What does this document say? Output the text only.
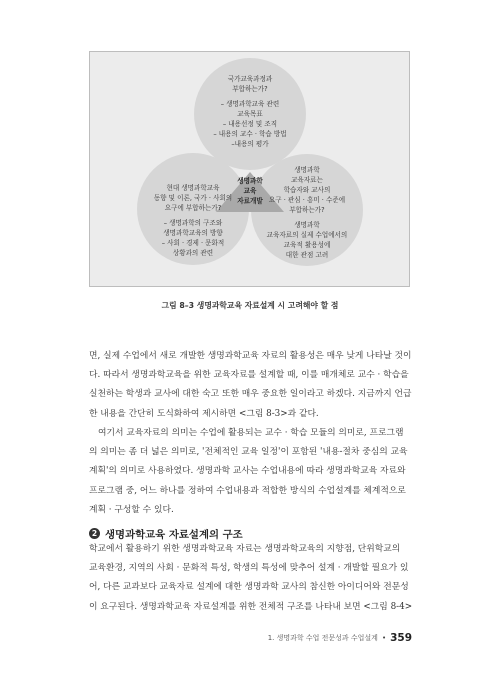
국가교육과정과
부합하는가?
– 생명과학교육 관련
교육목표
– 내용선정 및 조직
– 내용의 교수 · 학습 방법
–내용의 평가
생명과학
교육
자료개발
현대 생명과학교육
동향 및 이론, 국가 · 사회의
요구에 부합하는가?
– 생명과학의 구조와
생명과학교육의 방향
– 사회 · 경제 · 문화적
상황과의 관련
생명과학
교육자료는
학습자와 교사의
요구 · 관심 · 흥미 · 수준에
부합하는가?
생명과학
교육자료의 실제 수업에서의
교육적 활용성에
대한 관점 고려
그림 8–3 생명과학교육 자료설계 시 고려해야 할 점
면, 실제 수업에서 새로 개발한 생명과학교육 자료의 활용성은 매우 낮게 나타날 것이
다. 따라서 생명과학교육을 위한 교육자료를 설계할 때, 이를 매개체로 교수 · 학습을
실천하는 학생과 교사에 대한 숙고 또한 매우 중요한 일이라고 하겠다. 지금까지 언급
한 내용을 간단히 도식화하여 제시하면 <그림 8-3>과 같다.
여기서 교육자료의 의미는 수업에 활용되는 교수 · 학습 모듈의 의미로, 프로그램
의 의미는 좀 더 넓은 의미로, '전체적인 교육 일정'이 포함된 '내용-절차 중심의 교육
계획'의 의미로 사용하였다. 생명과학 교사는 수업내용에 따라 생명과학교육 자료와
프로그램 중, 어느 하나를 정하여 수업내용과 적합한 방식의 수업설계를 체계적으로
계획 · 구성할 수 있다.
2 생명과학교육 자료설계의 구조
학교에서 활용하기 위한 생명과학교육 자료는 생명과학교육의 지향점, 단위학교의
교육환경, 지역의 사회 · 문화적 특성, 학생의 특성에 맞추어 설계 · 개발할 필요가 있
어, 다른 교과보다 교육자료 설계에 대한 생명과학 교사의 참신한 아이디어와 전문성
이 요구된다. 생명과학교육 자료설계를 위한 전체적 구조를 나타내 보면 <그림 8-4>
1. 생명과학 수업 전문성과 수업설계 • 359
